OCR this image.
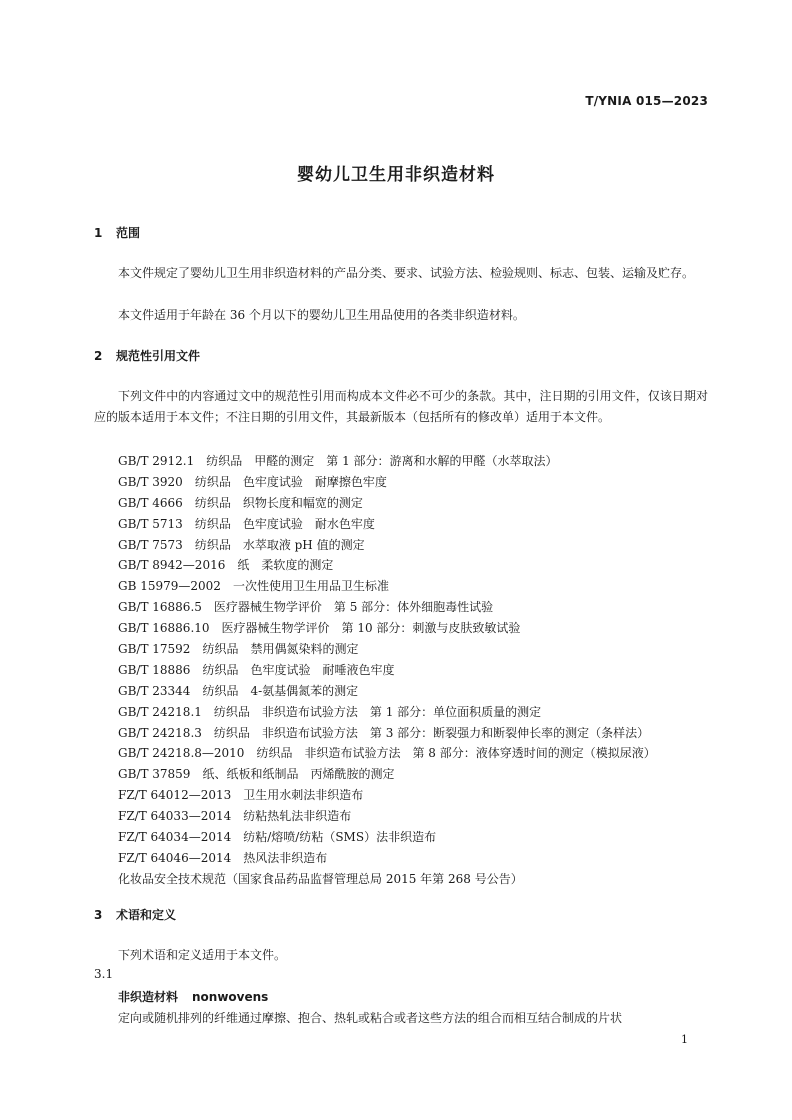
T/YNIA 015—2023
婴幼儿卫生用非织造材料
1 范围
本文件规定了婴幼儿卫生用非织造材料的产品分类、要求、试验方法、检验规则、标志、包装、运输及贮存。
本文件适用于年龄在 36 个月以下的婴幼儿卫生用品使用的各类非织造材料。
2 规范性引用文件
下列文件中的内容通过文中的规范性引用而构成本文件必不可少的条款。其中，注日期的引用文件，仅该日期对应的版本适用于本文件；不注日期的引用文件，其最新版本（包括所有的修改单）适用于本文件。
GB/T 2912.1 纺织品　甲醛的测定　第 1 部分：游离和水解的甲醛（水萃取法）
GB/T 3920 纺织品　色牢度试验　耐摩擦色牢度
GB/T 4666 纺织品　织物长度和幅宽的测定
GB/T 5713 纺织品　色牢度试验　耐水色牢度
GB/T 7573 纺织品　水萃取液 pH 值的测定
GB/T 8942—2016 纸　柔软度的测定
GB 15979—2002 一次性使用卫生用品卫生标准
GB/T 16886.5 医疗器械生物学评价　第 5 部分：体外细胞毒性试验
GB/T 16886.10 医疗器械生物学评价　第 10 部分：刺激与皮肤致敏试验
GB/T 17592 纺织品　禁用偶氮染料的测定
GB/T 18886 纺织品　色牢度试验　耐唾液色牢度
GB/T 23344 纺织品　4-氨基偶氮苯的测定
GB/T 24218.1 纺织品　非织造布试验方法　第 1 部分：单位面积质量的测定
GB/T 24218.3 纺织品　非织造布试验方法　第 3 部分：断裂强力和断裂伸长率的测定（条样法）
GB/T 24218.8—2010 纺织品　非织造布试验方法　第 8 部分：液体穿透时间的测定（模拟尿液）
GB/T 37859 纸、纸板和纸制品　丙烯酰胺的测定
FZ/T 64012—2013 卫生用水刺法非织造布
FZ/T 64033—2014 纺粘热轧法非织造布
FZ/T 64034—2014 纺粘/熔喷/纺粘（SMS）法非织造布
FZ/T 64046—2014 热风法非织造布
化妆品安全技术规范（国家食品药品监督管理总局 2015 年第 268 号公告）
3 术语和定义
下列术语和定义适用于本文件。
3.1
非织造材料 nonwovens
定向或随机排列的纤维通过摩擦、抱合、热轧或粘合或者这些方法的组合而相互结合制成的片状
1
